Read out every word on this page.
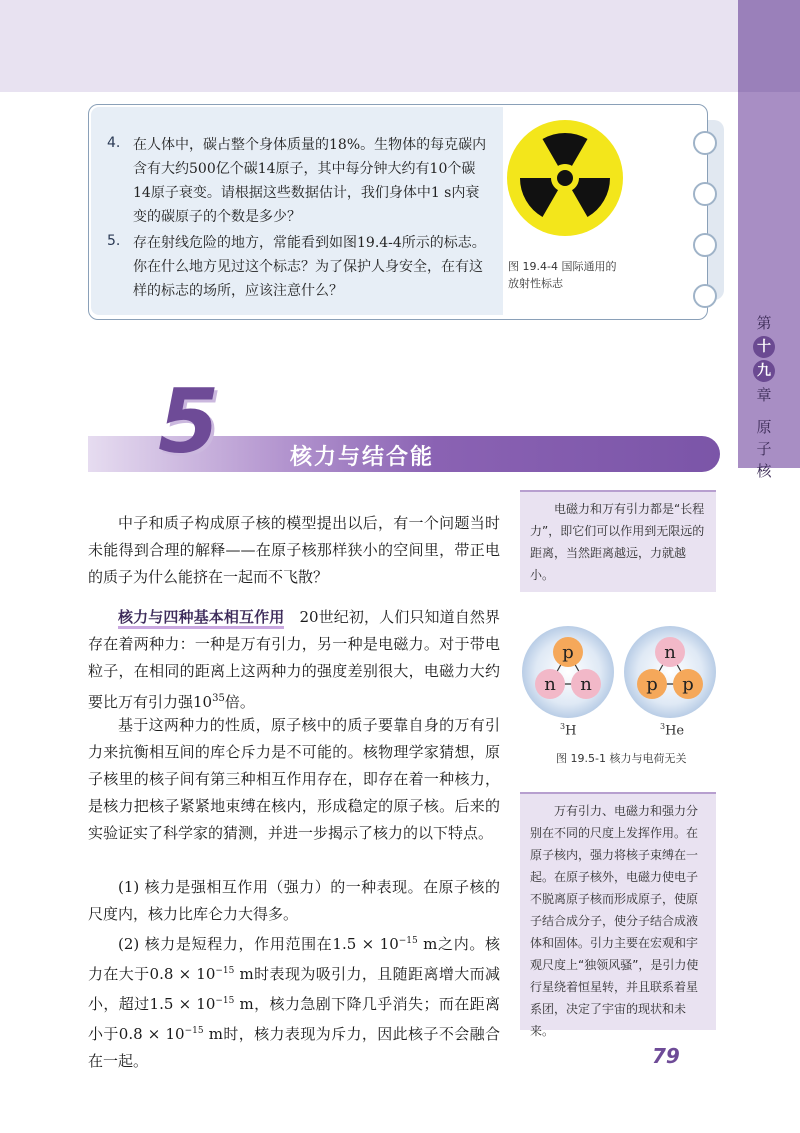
第
十
九
章

原
子
核
4. 在人体中，碳占整个身体质量的18%。生物体的每克碳内
含有大约500亿个碳14原子，其中每分钟大约有10个碳
14原子衰变。请根据这些数据估计，我们身体中1 s内衰
变的碳原子的个数是多少？
5. 存在射线危险的地方，常能看到如图19.4-4所示的标志。
你在什么地方见过这个标志？为了保护人身安全，在有这
样的标志的场所，应该注意什么？
图 19.4-4 国际通用的
放射性标志
5	核力与结合能

中子和质子构成原子核的模型提出以后，有一个问题当时未能得到合理的解释——在原子核那样狭小的空间里，带正电的质子为什么能挤在一起而不飞散？

核力与四种基本相互作用　20世纪初，人们只知道自然界存在着两种力：一种是万有引力，另一种是电磁力。对于带电粒子，在相同的距离上这两种力的强度差别很大，电磁力大约要比万有引力强$10^{35}$倍。

基于这两种力的性质，原子核中的质子要靠自身的万有引力来抗衡相互间的库仑斥力是不可能的。核物理学家猜想，原子核里的核子间有第三种相互作用存在，即存在着一种核力，是核力把核子紧紧地束缚在核内，形成稳定的原子核。后来的实验证实了科学家的猜测，并进一步揭示了核力的以下特点。

(1) 核力是强相互作用（强力）的一种表现。在原子核的尺度内，核力比库仑力大得多。

(2) 核力是短程力，作用范围在$1.5 \times 10^{-15}$ m之内。核力在大于$0.8 \times 10^{-15}$ m时表现为吸引力，且随距离增大而减小，超过$1.5 \times 10^{-15}$ m，核力急剧下降几乎消失；而在距离小于$0.8 \times 10^{-15}$ m时，核力表现为斥力，因此核子不会融合在一起。

电磁力和万有引力都是“长程力”，即它们可以作用到无限远的距离，当然距离越远，力就越小。
p
n n
n
p p
$^3$H	$^3$He
图 19.5-1 核力与电荷无关
万有引力、电磁力和强力分别在不同的尺度上发挥作用。在原子核内，强力将核子束缚在一起。在原子核外，电磁力使电子不脱离原子核而形成原子，使原子结合成分子，使分子结合成液体和固体。引力主要在宏观和宇观尺度上“独领风骚”，是引力使行星绕着恒星转，并且联系着星系团，决定了宇宙的现状和未来。
79
